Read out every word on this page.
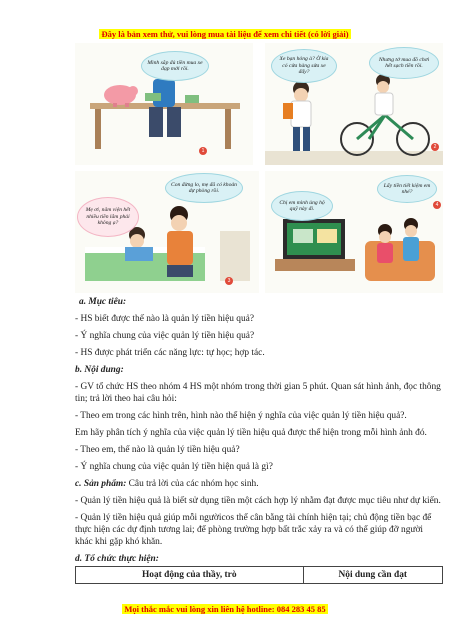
Đây là bản xem thử, vui lòng mua tài liệu để xem chi tiết (có lời giải)
Mình sắp đủ tiền mua xe đạp mới rồi.
1
Xe bạn hỏng à? Ờ kia có cửa hàng sửa xe đấy?
Nhưng tớ mua đồ chơi hết sạch tiền rồi.
2
Con đừng lo, mẹ đã có khoản dự phòng rồi.
Mẹ ơi, năm viện hết nhiều tiền lắm phải không ạ?
3
Chị em mình ủng hộ quỹ này đi.
Lấy tiền tiết kiệm em nhé?
4

a. Mục tiêu:

- HS biết được thế nào là quản lý tiền hiệu quả?

- Ý nghĩa chung của việc quản lý tiền hiệu quả?

- HS được phát triển các năng lực: tự học; hợp tác.

b. Nội dung:

- GV tổ chức HS theo nhóm 4 HS một nhóm trong thời gian 5 phút. Quan sát hình ảnh, đọc thông tin; trả lời theo hai câu hỏi:

- Theo em trong các hình trên, hình nào thể hiện ý nghĩa của việc quản lý tiền hiệu quả?.

Em hãy phân tích ý nghĩa của việc quản lý tiền hiệu quả được thể hiện trong mỗi hình ảnh đó.

- Theo em, thế nào là quản lý tiền hiệu quả?

- Ý nghĩa chung của việc quản lý tiền hiện quả là gì?

c. Sản phẩm: Câu trả lời của các nhóm học sinh.

- Quản lý tiền hiệu quả là biết sử dụng tiền một cách hợp lý nhằm đạt được mục tiêu như dự kiến.

- Quản lý tiền hiệu quả giúp mỗi ngườicos thể cân bằng tài chính hiện tại; chủ động tiền bạc để thực hiện các dự định tương lai; để phòng trường hợp bất trắc xảy ra và có thể giúp đỡ người khác khi gặp khó khăn.

d. Tổ chức thực hiện:

Hoạt động của thầy, trò	Nội dung cần đạt
Mọi thắc mắc vui lòng xin liên hệ hotline: 084 283 45 85
